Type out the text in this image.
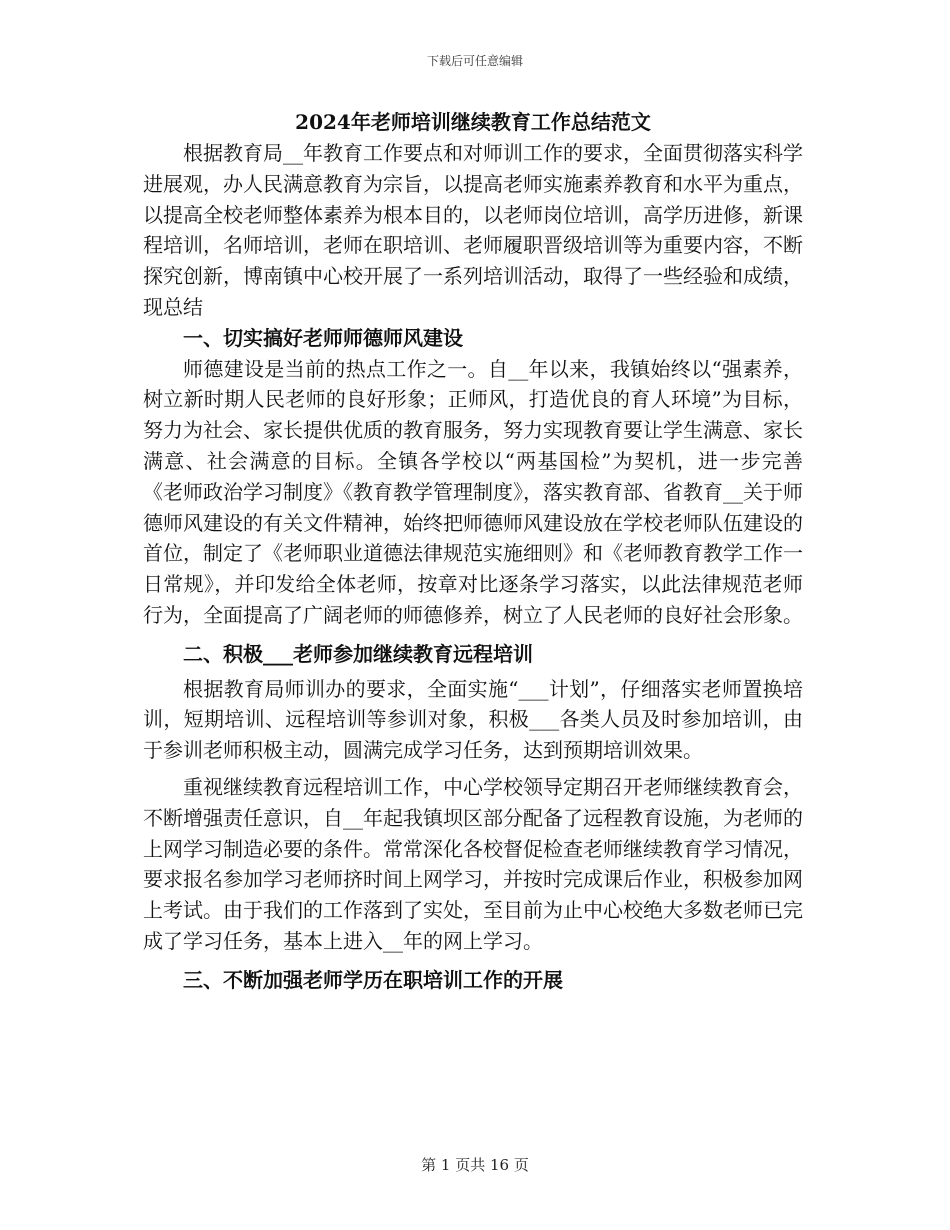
下载后可任意编辑

2024年老师培训继续教育工作总结范文

根据教育局__年教育工作要点和对师训工作的要求，全面贯彻落实科学进展观，办人民满意教育为宗旨，以提高老师实施素养教育和水平为重点，以提高全校老师整体素养为根本目的，以老师岗位培训，高学历进修，新课程培训，名师培训，老师在职培训、老师履职晋级培训等为重要内容，不断探究创新，博南镇中心校开展了一系列培训活动，取得了一些经验和成绩，现总结

一、切实搞好老师师德师风建设

师德建设是当前的热点工作之一。自__年以来，我镇始终以“强素养，树立新时期人民老师的良好形象；正师风，打造优良的育人环境”为目标，努力为社会、家长提供优质的教育服务，努力实现教育要让学生满意、家长满意、社会满意的目标。全镇各学校以“两基国检”为契机，进一步完善《老师政治学习制度》《教育教学管理制度》，落实教育部、省教育__关于师德师风建设的有关文件精神，始终把师德师风建设放在学校老师队伍建设的首位，制定了《老师职业道德法律规范实施细则》和《老师教育教学工作一日常规》，并印发给全体老师，按章对比逐条学习落实，以此法律规范老师行为，全面提高了广阔老师的师德修养，树立了人民老师的良好社会形象。

二、积极___老师参加继续教育远程培训

根据教育局师训办的要求，全面实施“___计划”，仔细落实老师置换培训，短期培训、远程培训等参训对象，积极___各类人员及时参加培训，由于参训老师积极主动，圆满完成学习任务，达到预期培训效果。

重视继续教育远程培训工作，中心学校领导定期召开老师继续教育会，不断增强责任意识，自__年起我镇坝区部分配备了远程教育设施，为老师的上网学习制造必要的条件。常常深化各校督促检查老师继续教育学习情况，要求报名参加学习老师挤时间上网学习，并按时完成课后作业，积极参加网上考试。由于我们的工作落到了实处，至目前为止中心校绝大多数老师已完成了学习任务，基本上进入__年的网上学习。

三、不断加强老师学历在职培训工作的开展

第 1 页共 16 页
